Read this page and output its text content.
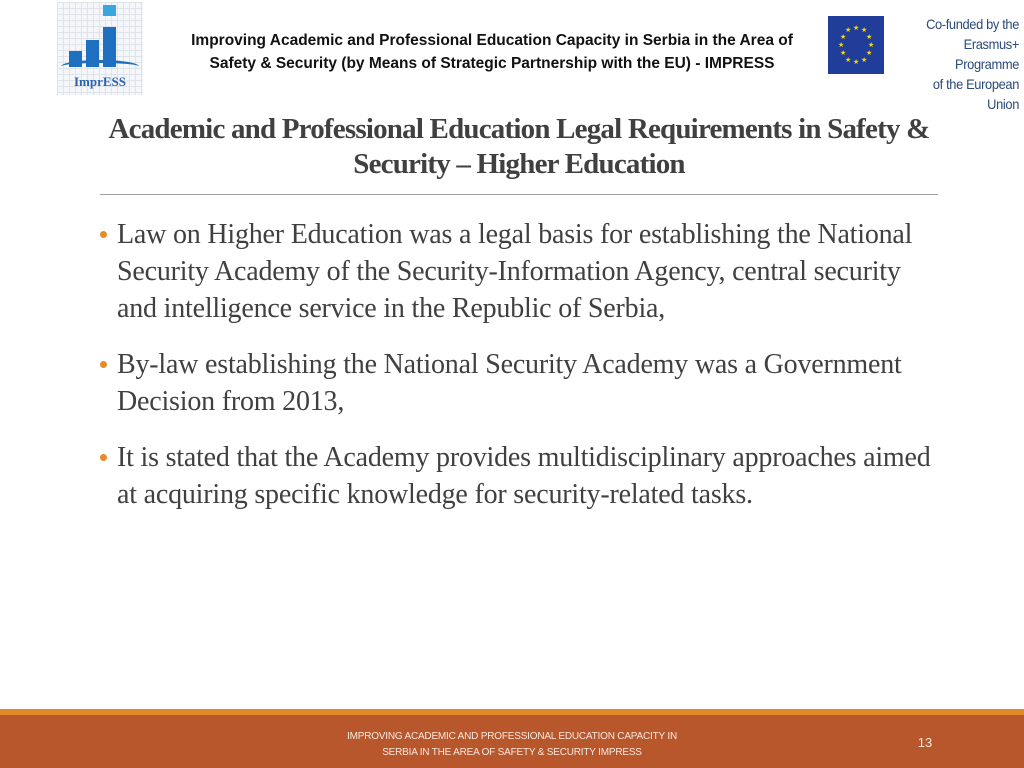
ImprESS
Improving Academic and Professional Education Capacity in Serbia in the Area of Safety & Security (by Means of Strategic Partnership with the EU) - IMPRESS
★ ★
★
★
★
★
★
★
★
★
★
★	Co-funded by the
Erasmus+ Programme
of the European Union
Academic and Professional Education Legal Requirements in Safety & Security – Higher Education
Law on Higher Education was a legal basis for establishing the National Security Academy of the Security-Information Agency, central security and intelligence service in the Republic of Serbia,
By-law establishing the National Security Academy was a Government Decision from 2013,
It is stated that the Academy provides multidisciplinary approaches aimed at acquiring specific knowledge for security-related tasks.
IMPROVING ACADEMIC AND PROFESSIONAL EDUCATION CAPACITY IN
SERBIA IN THE AREA OF SAFETY & SECURITY IMPRESS
13
